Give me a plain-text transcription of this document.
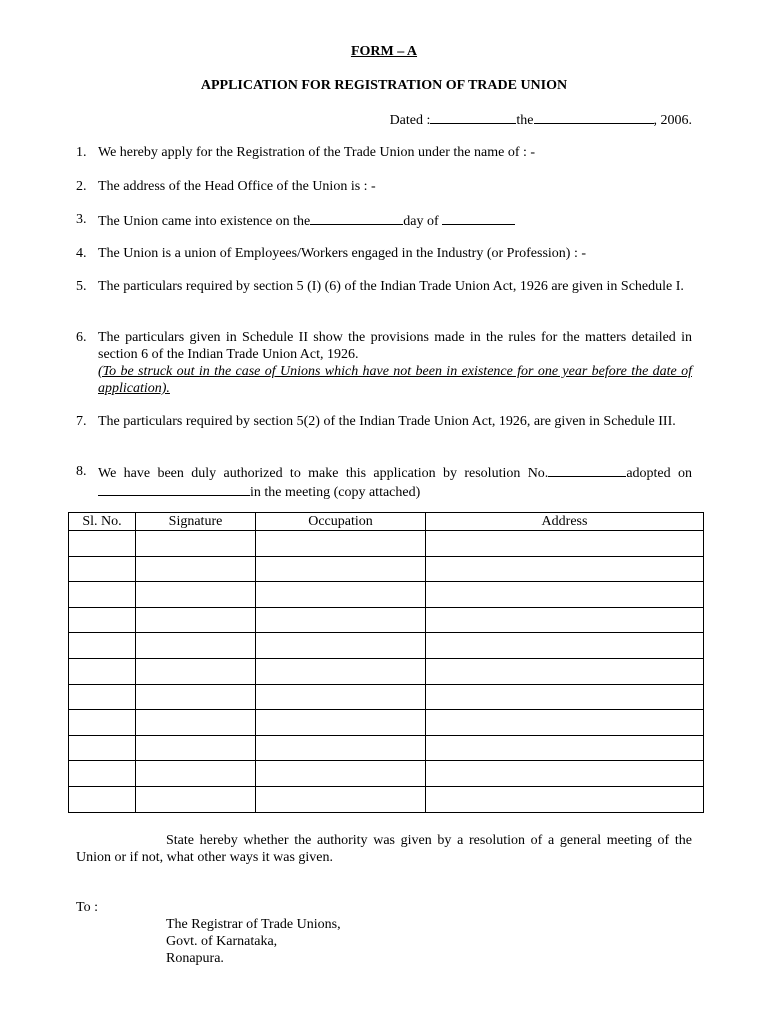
FORM – A
APPLICATION FOR REGISTRATION OF TRADE UNION
Dated :	the	, 2006.
1. We hereby apply for the Registration of the Trade Union under the name of : -
2. The address of the Head Office of the Union is : -
3. The Union came into existence on the	day of
4. The Union is a union of Employees/Workers engaged in the Industry (or Profession) : -
5. The particulars required by section 5 (I) (6) of the Indian Trade Union Act, 1926 are given in Schedule I.
6. The particulars given in Schedule II show the provisions made in the rules for the matters detailed in section 6 of the Indian Trade Union Act, 1926.
(To be struck out in the case of Unions which have not been in existence for one year before the date of application).
7. The particulars required by section 5(2) of the Indian Trade Union Act, 1926, are given in Schedule III.
8. We have been duly authorized to make this application by resolution No.	adopted onin the meeting (copy attached)
Sl. No.	Signature	Occupation	Address

State hereby whether the authority was given by a resolution of a general meeting of the Union or if not, what other ways it was given.
To :
The Registrar of Trade Unions,
Govt. of Karnataka,
Ronapura.
